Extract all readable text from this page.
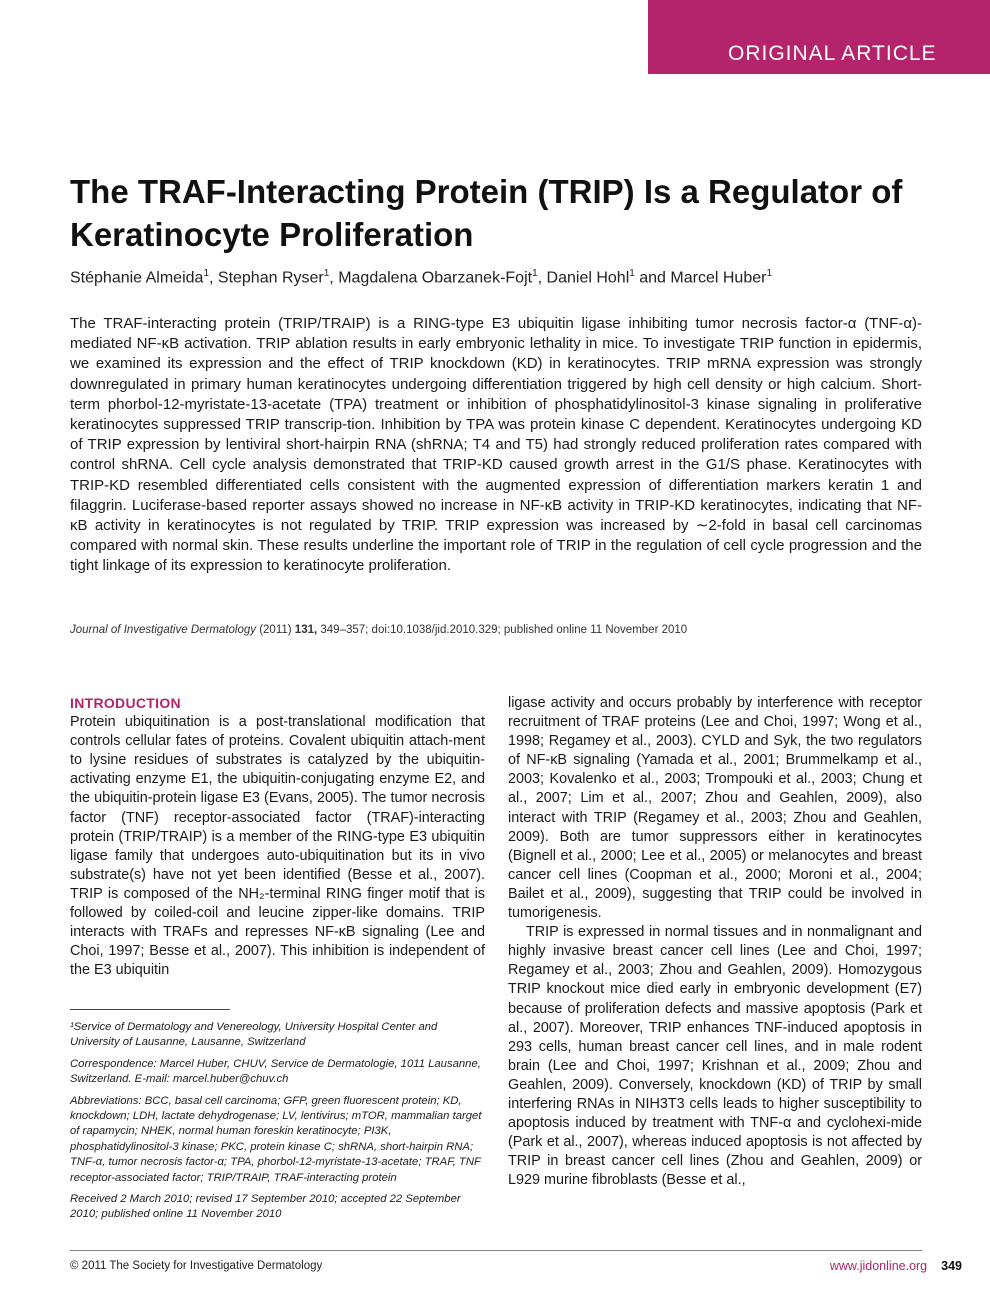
ORIGINAL ARTICLE
The TRAF-Interacting Protein (TRIP) Is a Regulator of Keratinocyte Proliferation
Stéphanie Almeida$^1$, Stephan Ryser$^1$, Magdalena Obarzanek-Fojt$^1$, Daniel Hohl$^1$ and Marcel Huber$^1$

The TRAF-interacting protein (TRIP/TRAIP) is a RING-type E3 ubiquitin ligase inhibiting tumor necrosis factor-α (TNF-α)-mediated NF-κB activation. TRIP ablation results in early embryonic lethality in mice. To investigate TRIP function in epidermis, we examined its expression and the effect of TRIP knockdown (KD) in keratinocytes. TRIP mRNA expression was strongly downregulated in primary human keratinocytes undergoing differentiation triggered by high cell density or high calcium. Short-term phorbol-12-myristate-13-acetate (TPA) treatment or inhibition of phosphatidylinositol-3 kinase signaling in proliferative keratinocytes suppressed TRIP transcrip-tion. Inhibition by TPA was protein kinase C dependent. Keratinocytes undergoing KD of TRIP expression by lentiviral short-hairpin RNA (shRNA; T4 and T5) had strongly reduced proliferation rates compared with control shRNA. Cell cycle analysis demonstrated that TRIP-KD caused growth arrest in the G1/S phase. Keratinocytes with TRIP-KD resembled differentiated cells consistent with the augmented expression of differentiation markers keratin 1 and filaggrin. Luciferase-based reporter assays showed no increase in NF-κB activity in TRIP-KD keratinocytes, indicating that NF-κB activity in keratinocytes is not regulated by TRIP. TRIP expression was increased by ∼2-fold in basal cell carcinomas compared with normal skin. These results underline the important role of TRIP in the regulation of cell cycle progression and the tight linkage of its expression to keratinocyte proliferation.

Journal of Investigative Dermatology (2011) 131, 349–357; doi:10.1038/jid.2010.329; published online 11 November 2010
INTRODUCTION

Protein ubiquitination is a post-translational modification that controls cellular fates of proteins. Covalent ubiquitin attach-ment to lysine residues of substrates is catalyzed by the ubiquitin-activating enzyme E1, the ubiquitin-conjugating enzyme E2, and the ubiquitin-protein ligase E3 (Evans, 2005). The tumor necrosis factor (TNF) receptor-associated factor (TRAF)-interacting protein (TRIP/TRAIP) is a member of the RING-type E3 ubiquitin ligase family that undergoes auto-ubiquitination but its in vivo substrate(s) have not yet been identified (Besse et al., 2007). TRIP is composed of the NH₂-terminal RING finger motif that is followed by coiled-coil and leucine zipper-like domains. TRIP interacts with TRAFs and represses NF-κB signaling (Lee and Choi, 1997; Besse et al., 2007). This inhibition is independent of the E3 ubiquitin

ligase activity and occurs probably by interference with receptor recruitment of TRAF proteins (Lee and Choi, 1997; Wong et al., 1998; Regamey et al., 2003). CYLD and Syk, the two regulators of NF-κB signaling (Yamada et al., 2001; Brummelkamp et al., 2003; Kovalenko et al., 2003; Trompouki et al., 2003; Chung et al., 2007; Lim et al., 2007; Zhou and Geahlen, 2009), also interact with TRIP (Regamey et al., 2003; Zhou and Geahlen, 2009). Both are tumor suppressors either in keratinocytes (Bignell et al., 2000; Lee et al., 2005) or melanocytes and breast cancer cell lines (Coopman et al., 2000; Moroni et al., 2004; Bailet et al., 2009), suggesting that TRIP could be involved in tumorigenesis.

TRIP is expressed in normal tissues and in nonmalignant and highly invasive breast cancer cell lines (Lee and Choi, 1997; Regamey et al., 2003; Zhou and Geahlen, 2009). Homozygous TRIP knockout mice died early in embryonic development (E7) because of proliferation defects and massive apoptosis (Park et al., 2007). Moreover, TRIP enhances TNF-induced apoptosis in 293 cells, human breast cancer cell lines, and in male rodent brain (Lee and Choi, 1997; Krishnan et al., 2009; Zhou and Geahlen, 2009). Conversely, knockdown (KD) of TRIP by small interfering RNAs in NIH3T3 cells leads to higher susceptibility to apoptosis induced by treatment with TNF-α and cyclohexi-mide (Park et al., 2007), whereas induced apoptosis is not affected by TRIP in breast cancer cell lines (Zhou and Geahlen, 2009) or L929 murine fibroblasts (Besse et al.,

¹Service of Dermatology and Venereology, University Hospital Center and University of Lausanne, Lausanne, Switzerland

Correspondence: Marcel Huber, CHUV, Service de Dermatologie, 1011 Lausanne, Switzerland. E-mail: marcel.huber@chuv.ch

Abbreviations: BCC, basal cell carcinoma; GFP, green fluorescent protein; KD, knockdown; LDH, lactate dehydrogenase; LV, lentivirus; mTOR, mammalian target of rapamycin; NHEK, normal human foreskin keratinocyte; PI3K, phosphatidylinositol-3 kinase; PKC, protein kinase C; shRNA, short-hairpin RNA; TNF-α, tumor necrosis factor-α; TPA, phorbol-12-myristate-13-acetate; TRAF, TNF receptor-associated factor; TRIP/TRAIP, TRAF-interacting protein

Received 2 March 2010; revised 17 September 2010; accepted 22 September 2010; published online 11 November 2010

© 2011 The Society for Investigative Dermatology	www.jidonline.org 349
